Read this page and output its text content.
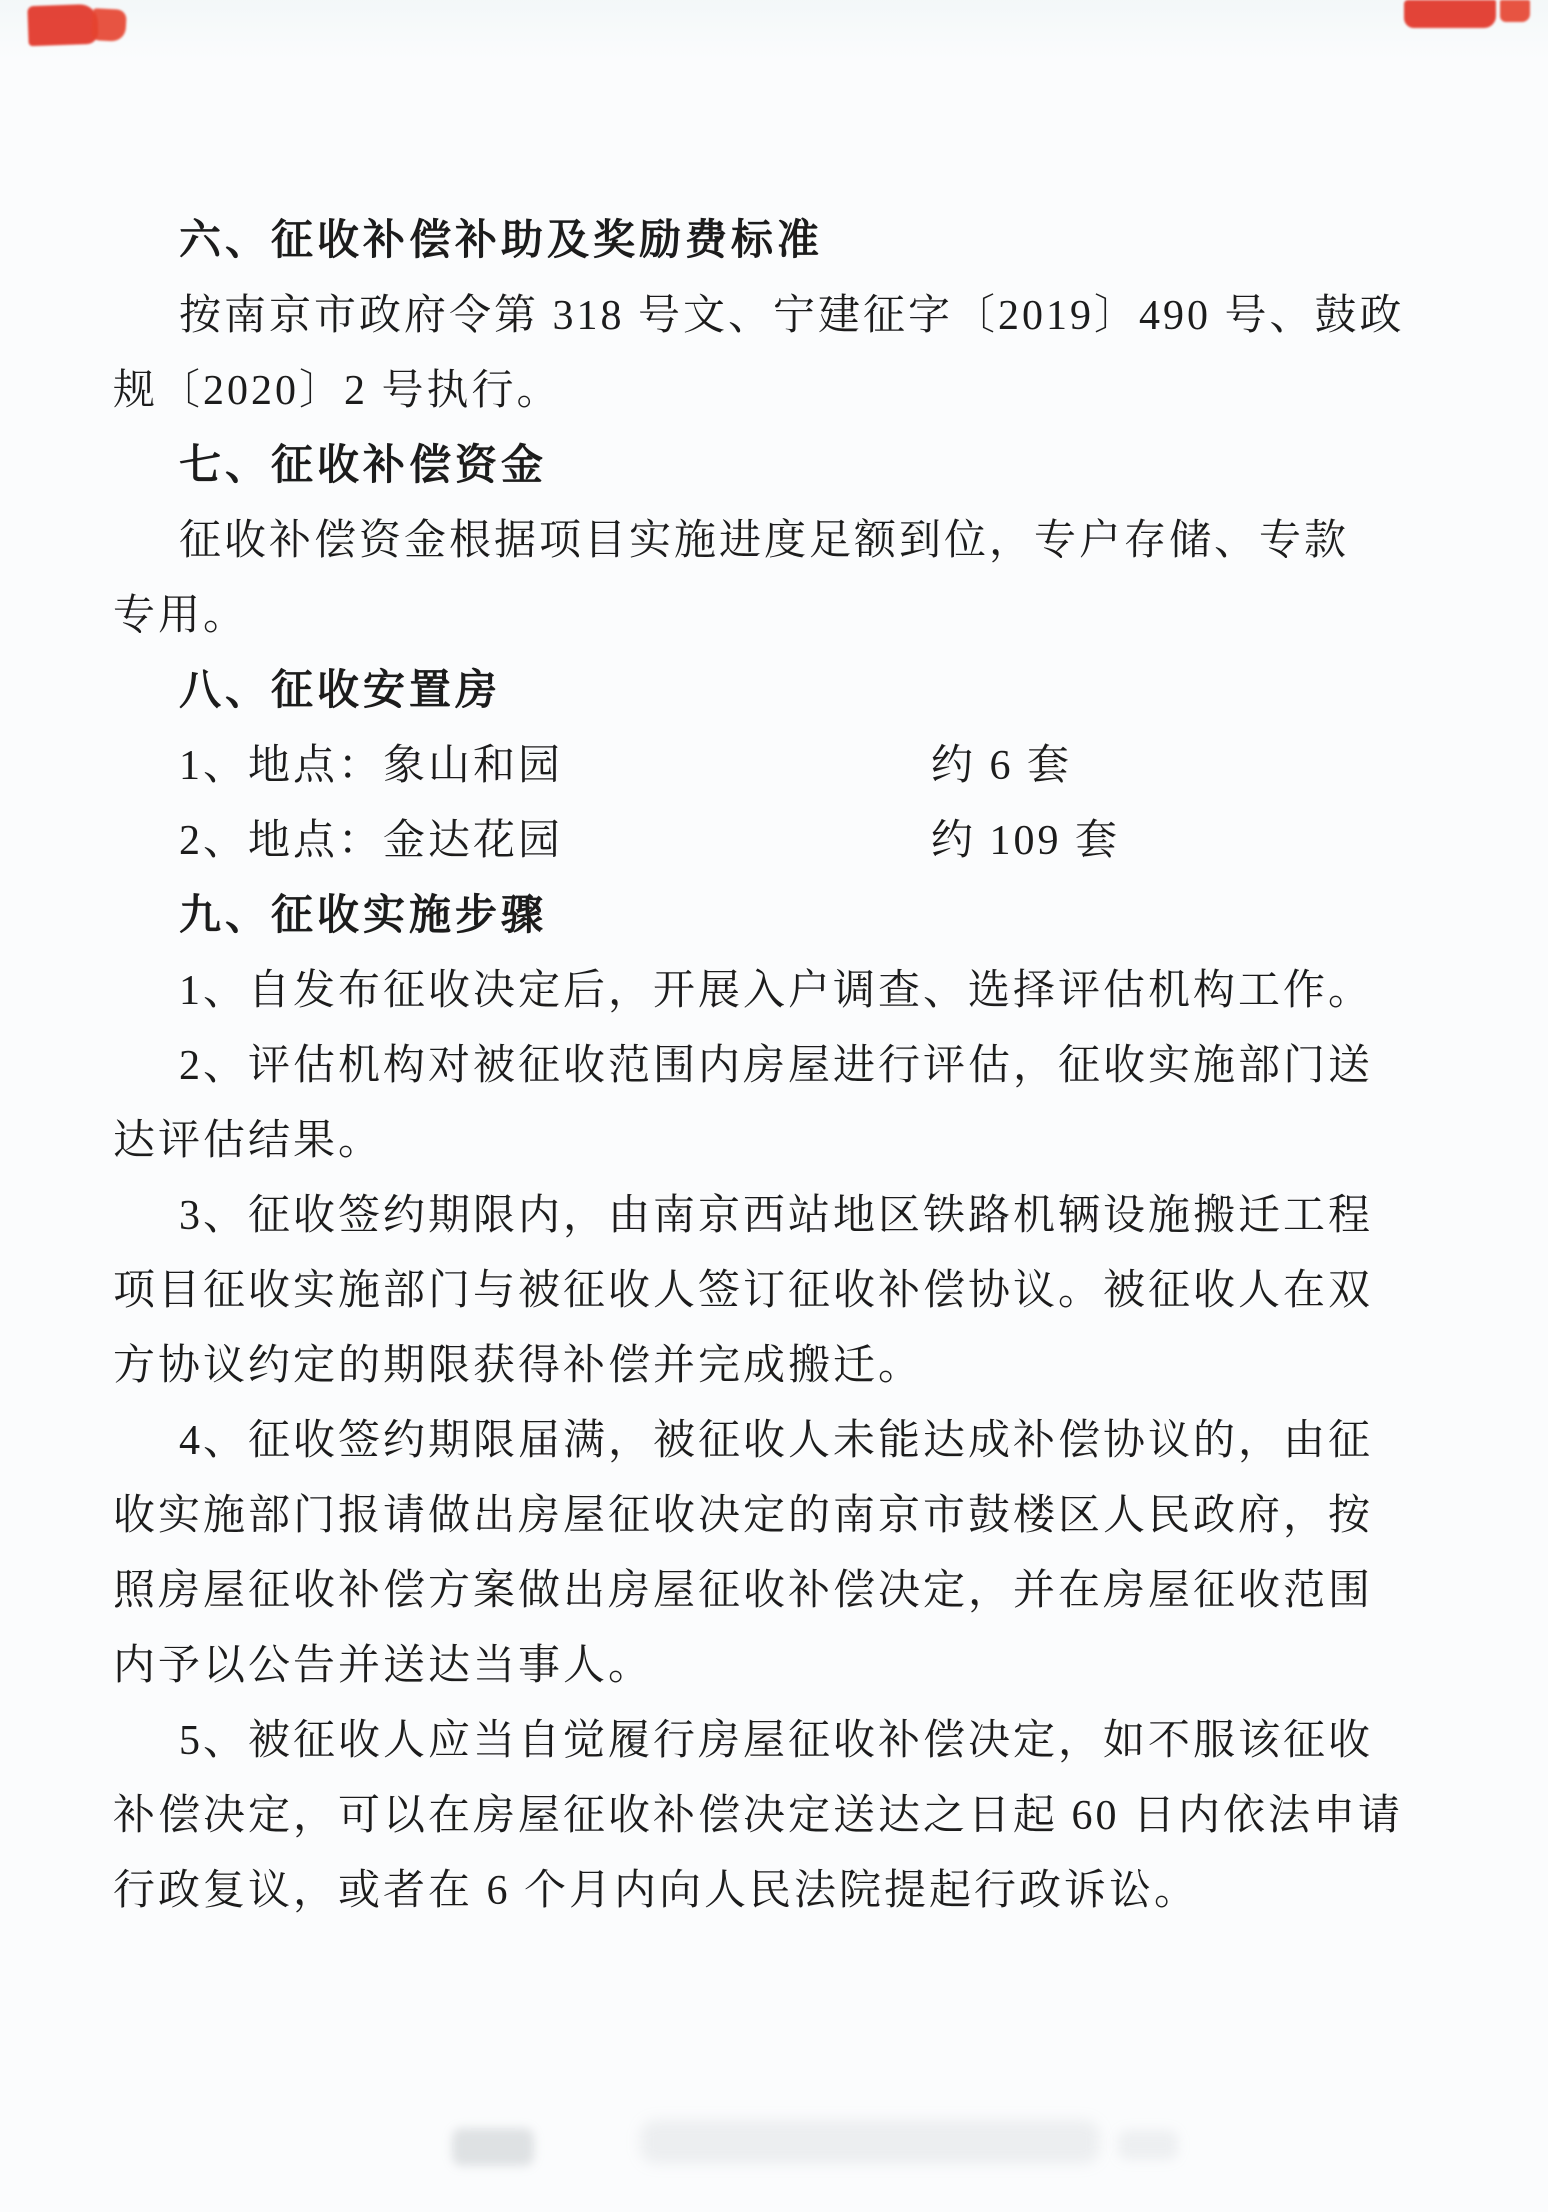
六、征收补偿补助及奖励费标准
按南京市政府令第 318 号文、宁建征字〔2019〕490 号、鼓政
规〔2020〕2 号执行。
七、征收补偿资金
征收补偿资金根据项目实施进度足额到位，专户存储、专款
专用。
八、征收安置房
1、地点：象山和园	约 6 套
2、地点：金达花园	约 109 套
九、征收实施步骤
1、自发布征收决定后，开展入户调查、选择评估机构工作。
2、评估机构对被征收范围内房屋进行评估，征收实施部门送
达评估结果。
3、征收签约期限内，由南京西站地区铁路机辆设施搬迁工程
项目征收实施部门与被征收人签订征收补偿协议。被征收人在双
方协议约定的期限获得补偿并完成搬迁。
4、征收签约期限届满，被征收人未能达成补偿协议的，由征
收实施部门报请做出房屋征收决定的南京市鼓楼区人民政府，按
照房屋征收补偿方案做出房屋征收补偿决定，并在房屋征收范围
内予以公告并送达当事人。
5、被征收人应当自觉履行房屋征收补偿决定，如不服该征收
补偿决定，可以在房屋征收补偿决定送达之日起 60 日内依法申请
行政复议，或者在 6 个月内向人民法院提起行政诉讼。
